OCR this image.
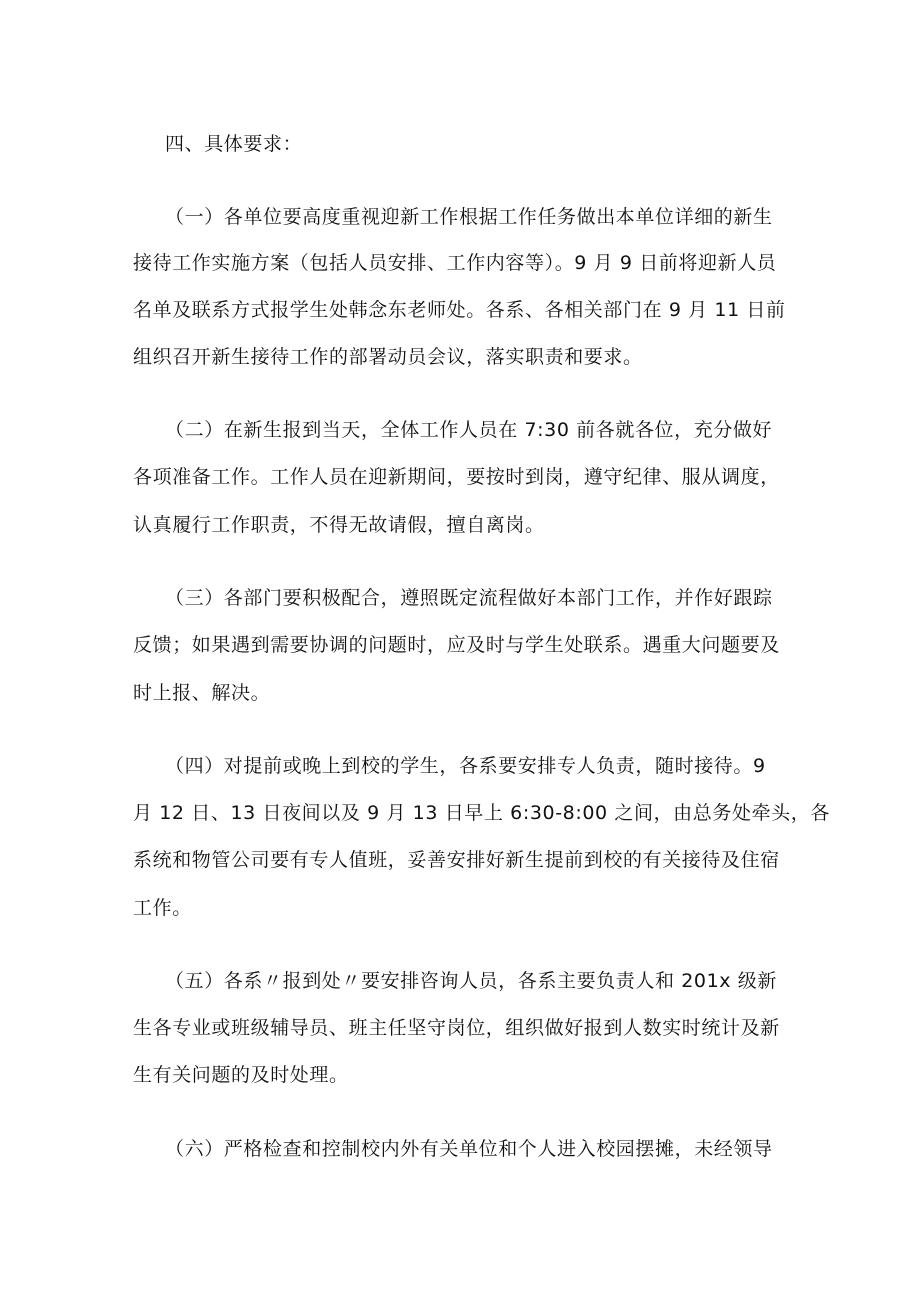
四、具体要求：
（一）各单位要高度重视迎新工作根据工作任务做出本单位详细的新生
接待工作实施方案（包括人员安排、工作内容等）。9 月 9 日前将迎新人员
名单及联系方式报学生处韩念东老师处。各系、各相关部门在 9 月 11 日前
组织召开新生接待工作的部署动员会议，落实职责和要求。
（二）在新生报到当天，全体工作人员在 7:30 前各就各位，充分做好
各项准备工作。工作人员在迎新期间，要按时到岗，遵守纪律、服从调度，
认真履行工作职责，不得无故请假，擅自离岗。
（三）各部门要积极配合，遵照既定流程做好本部门工作，并作好跟踪
反馈；如果遇到需要协调的问题时，应及时与学生处联系。遇重大问题要及
时上报、解决。
（四）对提前或晚上到校的学生，各系要安排专人负责，随时接待。9
月 12 日、13 日夜间以及 9 月 13 日早上 6:30-8:00 之间，由总务处牵头，各
系统和物管公司要有专人值班，妥善安排好新生提前到校的有关接待及住宿
工作。
（五）各系〃报到处〃要安排咨询人员，各系主要负责人和 201x 级新
生各专业或班级辅导员、班主任坚守岗位，组织做好报到人数实时统计及新
生有关问题的及时处理。
（六）严格检查和控制校内外有关单位和个人进入校园摆摊，未经领导
